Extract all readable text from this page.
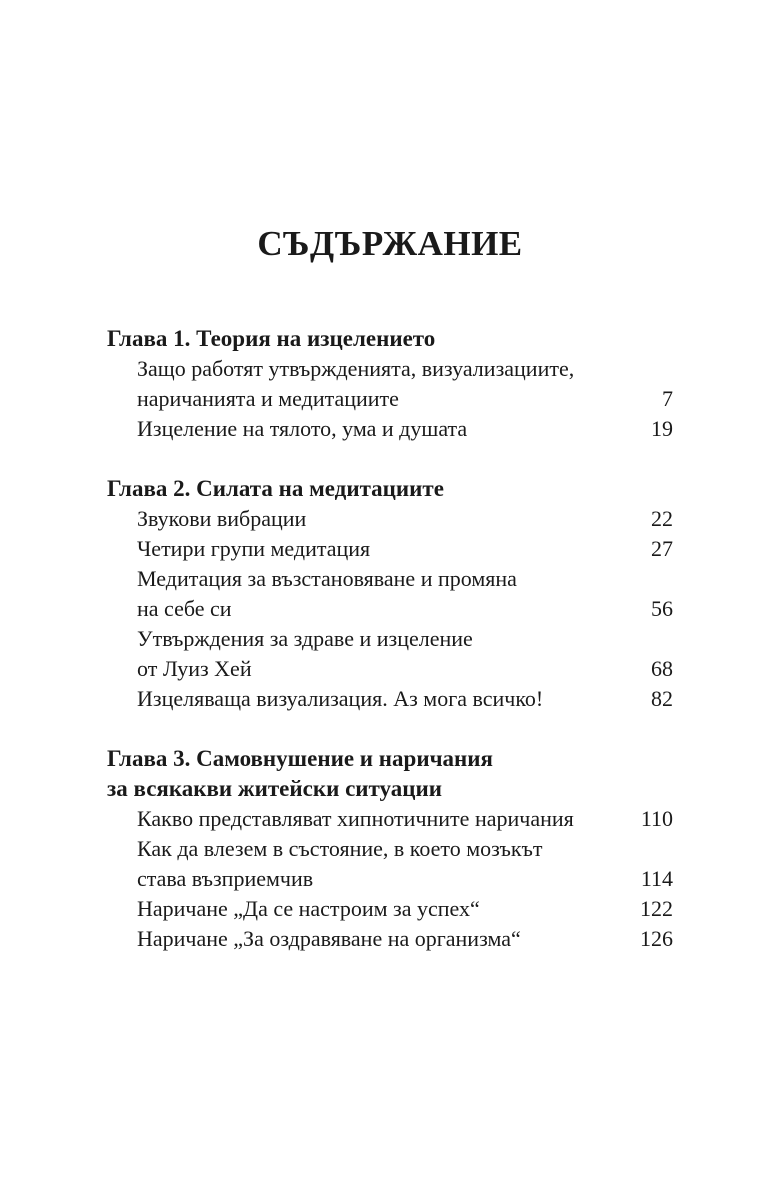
СЪДЪРЖАНИЕ
Глава 1. Теория на изцелението
Защо работят утвържденията, визуализациите,
наричанията и медитациите	7
Изцеление на тялото, ума и душата	19
Глава 2. Силата на медитациите
Звукови вибрации	22
Четири групи медитация	27
Медитация за възстановяване и промяна
на себе си	56
Утвърждения за здраве и изцеление
от Луиз Хей	68
Изцеляваща визуализация. Аз мога всичко!	82
Глава 3. Самовнушение и наричания
за всякакви житейски ситуации
Какво представляват хипнотичните наричания	110
Как да влезем в състояние, в което мозъкът
става възприемчив	114
Наричане „Да се настроим за успех“	122
Наричане „За оздравяване на организма“	126
